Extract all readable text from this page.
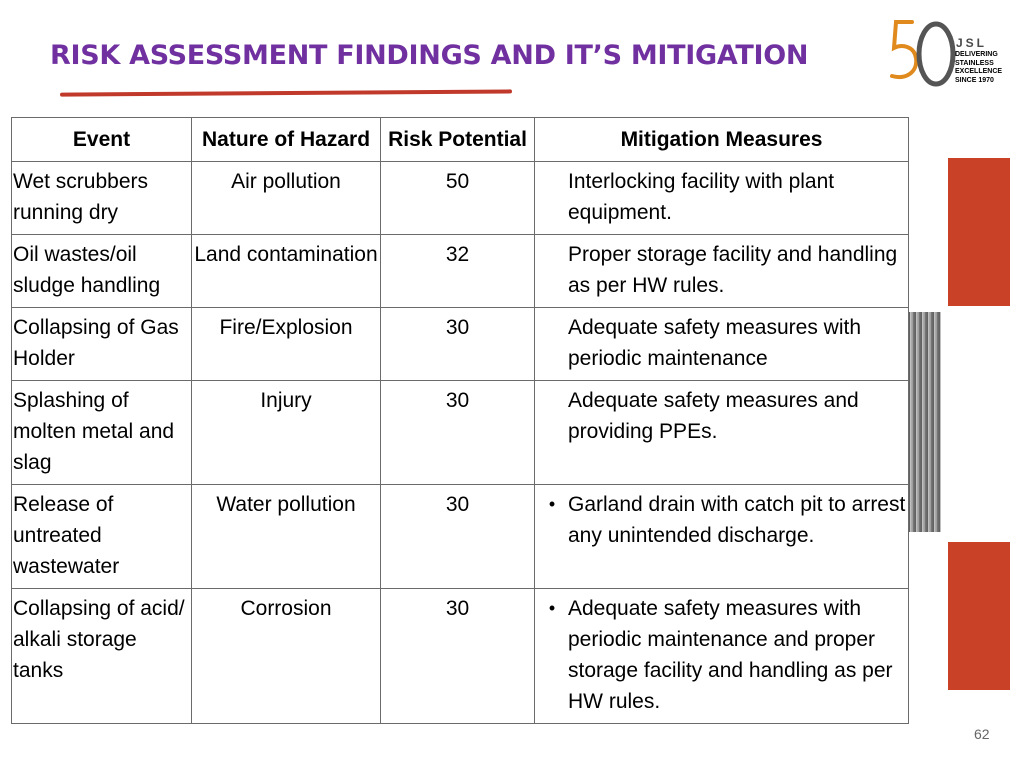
RISK ASSESSMENT FINDINGS AND IT’S MITIGATION	JSL
DELIVERING
STAINLESS EXCELLENCE
SINCE 1970
Event	Nature of Hazard	Risk Potential	Mitigation Measures
Wet scrubbers running dry	Air pollution	50	Interlocking facility with plant equipment.

Oil wastes/oil sludge handling	Land contamination	32	Proper storage facility and handling as per HW rules.

Collapsing of Gas Holder	Fire/Explosion	30	Adequate safety measures with periodic maintenance

Splashing of molten metal and slag	Injury	30	Adequate safety measures and providing PPEs.

Release of untreated wastewater	Water pollution	30	• Garland drain with catch pit to arrest any unintended discharge.

Collapsing of acid/ alkali storage tanks	Corrosion	30	• Adequate safety measures with periodic maintenance and proper storage facility and handling as per HW rules.
62
